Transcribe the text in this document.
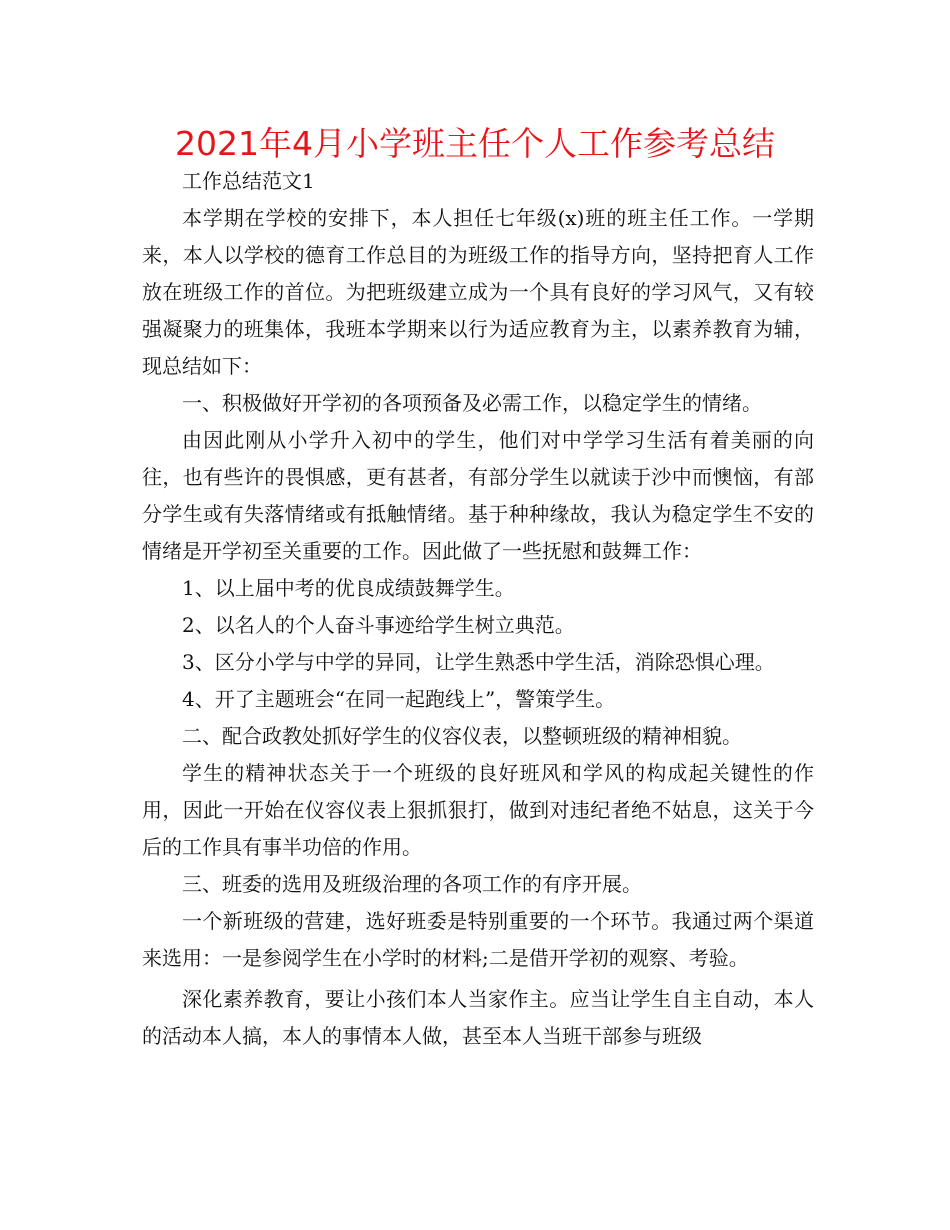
2021年4月小学班主任个人工作参考总结

工作总结范文1

本学期在学校的安排下，本人担任七年级(x)班的班主任工作。一学期来，本人以学校的德育工作总目的为班级工作的指导方向，坚持把育人工作放在班级工作的首位。为把班级建立成为一个具有良好的学习风气，又有较强凝聚力的班集体，我班本学期来以行为适应教育为主，以素养教育为辅，现总结如下：

一、积极做好开学初的各项预备及必需工作，以稳定学生的情绪。

由因此刚从小学升入初中的学生，他们对中学学习生活有着美丽的向往，也有些许的畏惧感，更有甚者，有部分学生以就读于沙中而懊恼，有部分学生或有失落情绪或有抵触情绪。基于种种缘故，我认为稳定学生不安的情绪是开学初至关重要的工作。因此做了一些抚慰和鼓舞工作：

1、以上届中考的优良成绩鼓舞学生。

2、以名人的个人奋斗事迹给学生树立典范。

3、区分小学与中学的异同，让学生熟悉中学生活，消除恐惧心理。

4、开了主题班会“在同一起跑线上”，警策学生。

二、配合政教处抓好学生的仪容仪表，以整顿班级的精神相貌。

学生的精神状态关于一个班级的良好班风和学风的构成起关键性的作用，因此一开始在仪容仪表上狠抓狠打，做到对违纪者绝不姑息，这关于今后的工作具有事半功倍的作用。

三、班委的选用及班级治理的各项工作的有序开展。

一个新班级的营建，选好班委是特别重要的一个环节。我通过两个渠道来选用：一是参阅学生在小学时的材料;二是借开学初的观察、考验。

深化素养教育，要让小孩们本人当家作主。应当让学生自主自动，本人的活动本人搞，本人的事情本人做，甚至本人当班干部参与班级
